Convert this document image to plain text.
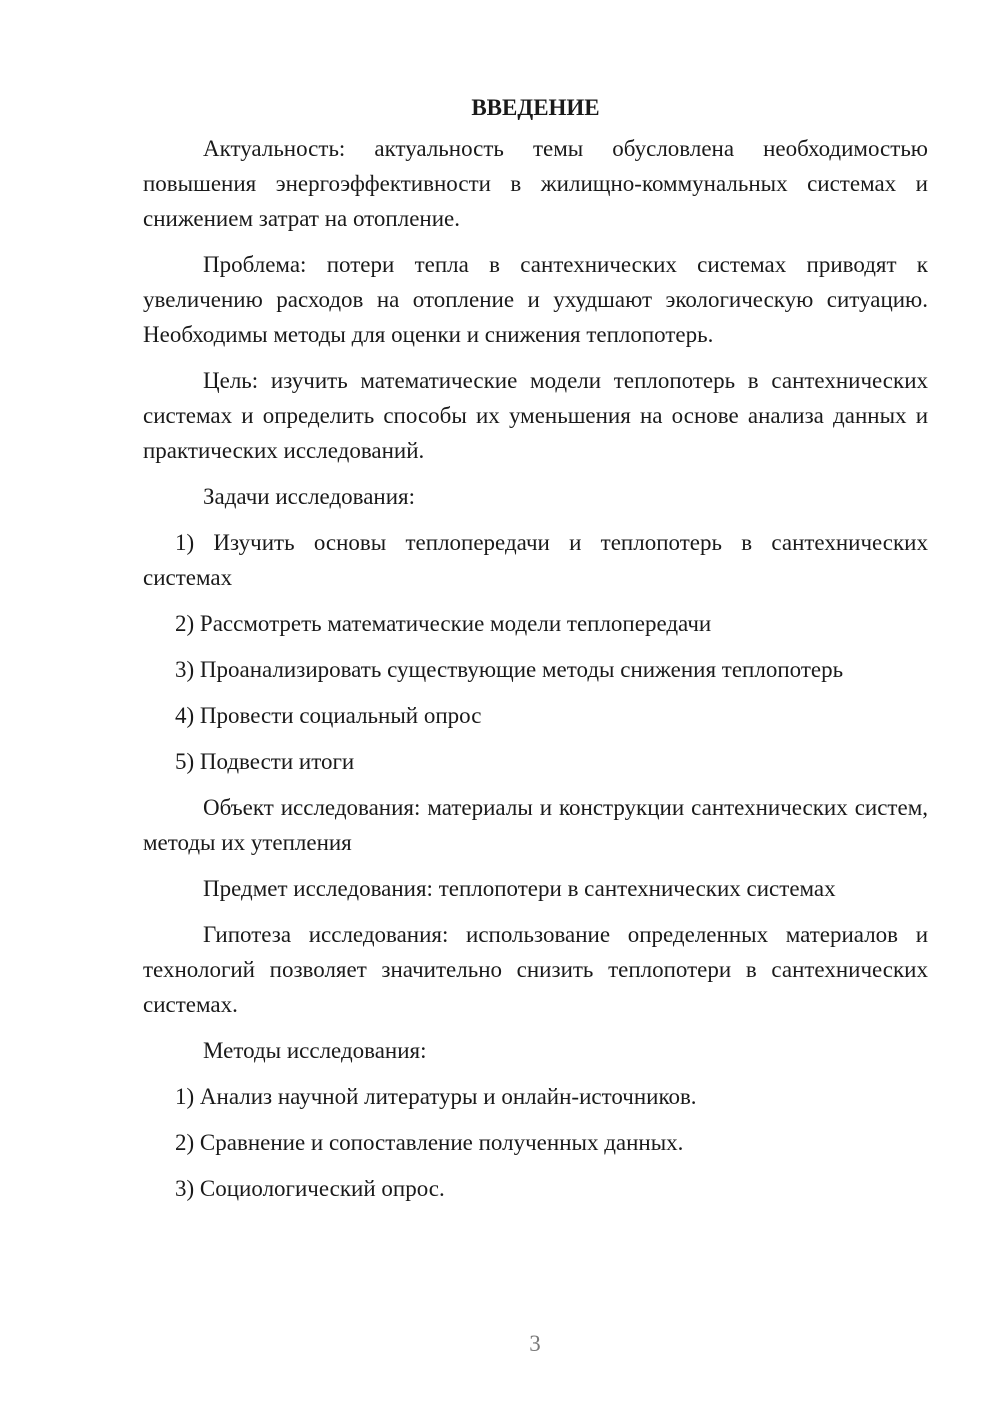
ВВЕДЕНИЕ

Актуальность: актуальность темы обусловлена необходимостью повышения энергоэффективности в жилищно-коммунальных системах и снижением затрат на отопление.

Проблема: потери тепла в сантехнических системах приводят к увеличению расходов на отопление и ухудшают экологическую ситуацию. Необходимы методы для оценки и снижения теплопотерь.

Цель: изучить математические модели теплопотерь в сантехнических системах и определить способы их уменьшения на основе анализа данных и практических исследований.

Задачи исследования:

1) Изучить основы теплопередачи и теплопотерь в сантехнических системах

2) Рассмотреть математические модели теплопередачи

3) Проанализировать существующие методы снижения теплопотерь

4) Провести социальный опрос

5) Подвести итоги

Объект исследования: материалы и конструкции сантехнических систем, методы их утепления

Предмет исследования: теплопотери в сантехнических системах

Гипотеза исследования: использование определенных материалов и технологий позволяет значительно снизить теплопотери в сантехнических системах.

Методы исследования:

1) Анализ научной литературы и онлайн-источников.

2) Сравнение и сопоставление полученных данных.

3) Социологический опрос.

3
